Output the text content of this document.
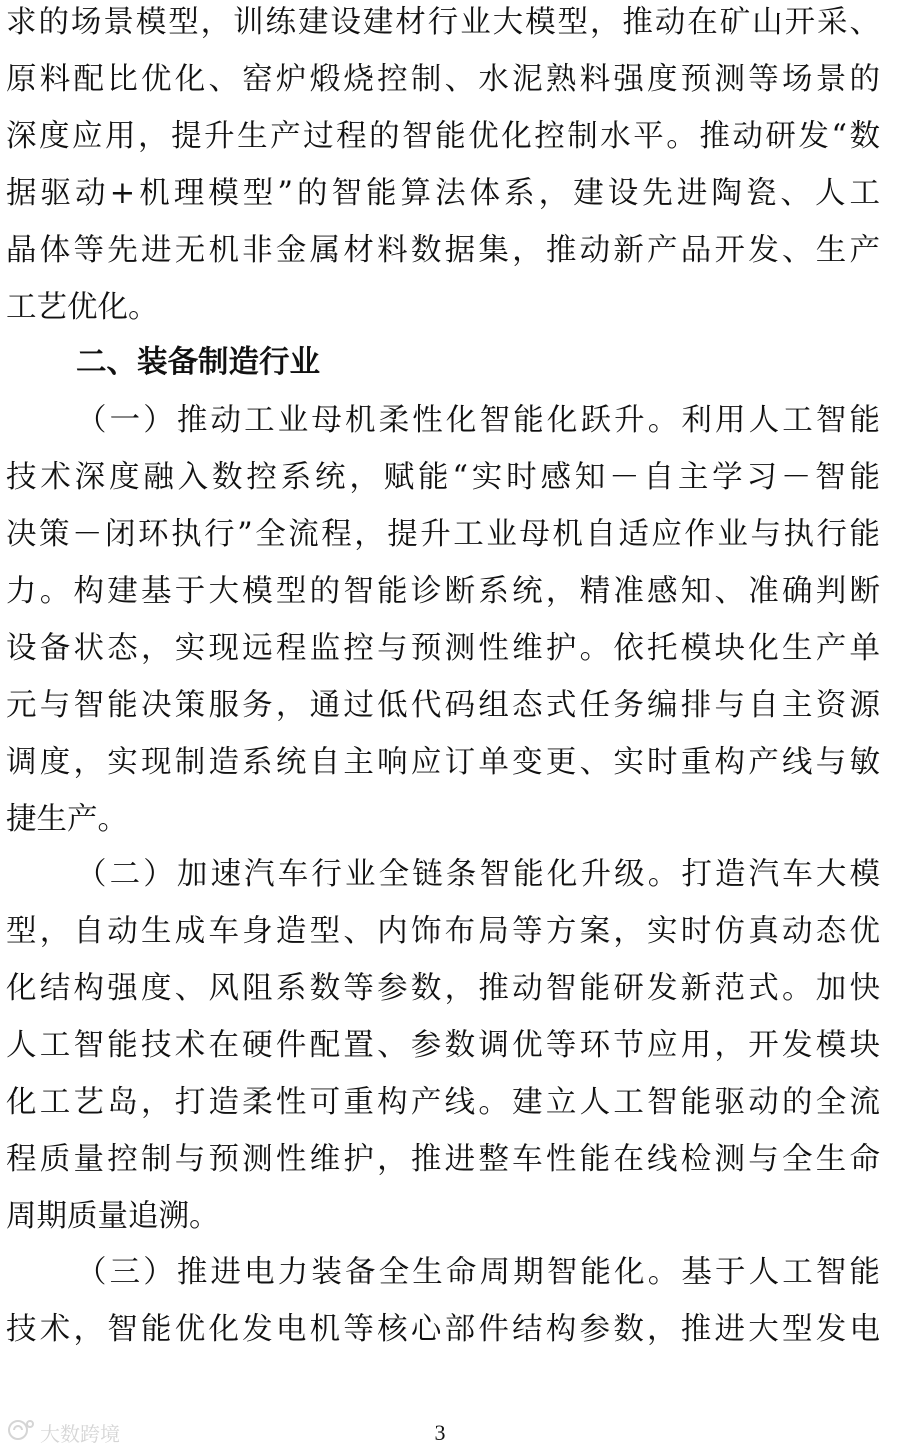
求的场景模型，训练建设建材行业大模型，推动在矿山开采、
原料配比优化、窑炉煅烧控制、水泥熟料强度预测等场景的
深度应用，提升生产过程的智能优化控制水平。推动研发“数
据驱动+机理模型”的智能算法体系，建设先进陶瓷、人工
晶体等先进无机非金属材料数据集，推动新产品开发、生产
工艺优化。
二、装备制造行业
（一）推动工业母机柔性化智能化跃升。利用人工智能
技术深度融入数控系统，赋能“实时感知－自主学习－智能
决策－闭环执行”全流程，提升工业母机自适应作业与执行能
力。构建基于大模型的智能诊断系统，精准感知、准确判断
设备状态，实现远程监控与预测性维护。依托模块化生产单
元与智能决策服务，通过低代码组态式任务编排与自主资源
调度，实现制造系统自主响应订单变更、实时重构产线与敏
捷生产。
（二）加速汽车行业全链条智能化升级。打造汽车大模
型，自动生成车身造型、内饰布局等方案，实时仿真动态优
化结构强度、风阻系数等参数，推动智能研发新范式。加快
人工智能技术在硬件配置、参数调优等环节应用，开发模块
化工艺岛，打造柔性可重构产线。建立人工智能驱动的全流
程质量控制与预测性维护，推进整车性能在线检测与全生命
周期质量追溯。
（三）推进电力装备全生命周期智能化。基于人工智能
技术，智能优化发电机等核心部件结构参数，推进大型发电
大数跨境	3
